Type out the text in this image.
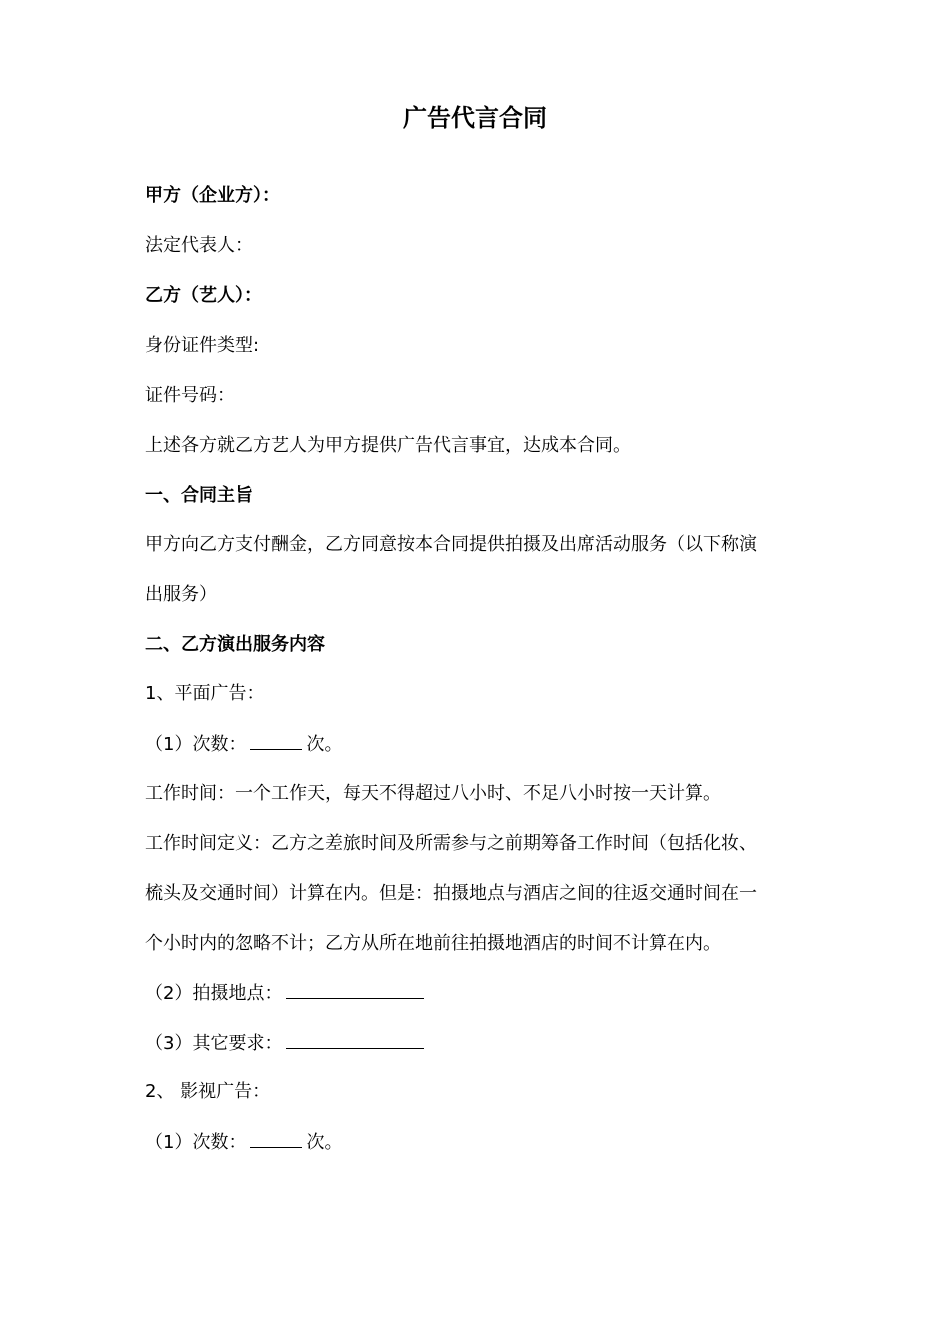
广告代言合同

甲方（企业方）：

法定代表人：

乙方（艺人）：

身份证件类型:

证件号码：

上述各方就乙方艺人为甲方提供广告代言事宜，达成本合同。

一、合同主旨

甲方向乙方支付酬金，乙方同意按本合同提供拍摄及出席活动服务（以下称演

出服务）

二、乙方演出服务内容

1、平面广告：

（1）次数：	次。

工作时间：一个工作天，每天不得超过八小时、不足八小时按一天计算。

工作时间定义：乙方之差旅时间及所需参与之前期筹备工作时间（包括化妆、

梳头及交通时间）计算在内。但是：拍摄地点与酒店之间的往返交通时间在一

个小时内的忽略不计；乙方从所在地前往拍摄地酒店的时间不计算在内。

（2）拍摄地点：

（3）其它要求：

2、 影视广告：

（1）次数：	次。
